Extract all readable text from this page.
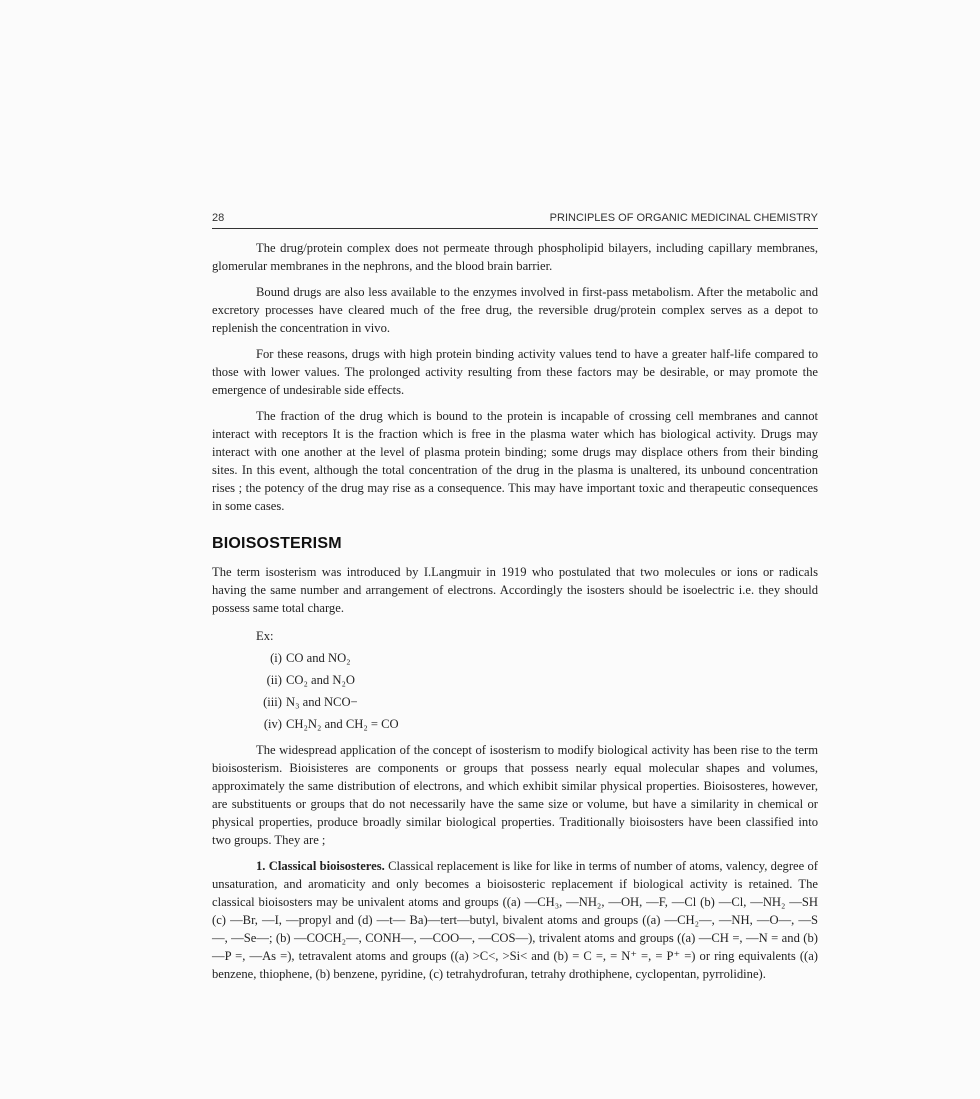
28	PRINCIPLES OF ORGANIC MEDICINAL CHEMISTRY

The drug/protein complex does not permeate through phospholipid bilayers, including capillary membranes, glomerular membranes in the nephrons, and the blood brain barrier.

Bound drugs are also less available to the enzymes involved in first-pass metabolism. After the metabolic and excretory processes have cleared much of the free drug, the reversible drug/protein complex serves as a depot to replenish the concentration in vivo.

For these reasons, drugs with high protein binding activity values tend to have a greater half-life compared to those with lower values. The prolonged activity resulting from these factors may be desirable, or may promote the emergence of undesirable side effects.

The fraction of the drug which is bound to the protein is incapable of crossing cell membranes and cannot interact with receptors It is the fraction which is free in the plasma water which has biological activity. Drugs may interact with one another at the level of plasma protein binding; some drugs may displace others from their binding sites. In this event, although the total concentration of the drug in the plasma is unaltered, its unbound concentration rises ; the potency of the drug may rise as a consequence. This may have important toxic and therapeutic consequences in some cases.

BIOISOSTERISM

The term isosterism was introduced by I.Langmuir in 1919 who postulated that two molecules or ions or radicals having the same number and arrangement of electrons. Accordingly the isosters should be isoelectric i.e. they should possess same total charge.

Ex:
(i) CO and NO₂
(ii) CO₂ and N₂O
(iii) N₃ and NCO−
(iv) CH₂N₂ and CH₂ = CO

The widespread application of the concept of isosterism to modify biological activity has been rise to the term bioisosterism. Bioisisteres are components or groups that possess nearly equal molecular shapes and volumes, approximately the same distribution of electrons, and which exhibit similar physical properties. Bioisosteres, however, are substituents or groups that do not necessarily have the same size or volume, but have a similarity in chemical or physical properties, produce broadly similar biological properties. Traditionally bioisosters have been classified into two groups. They are ;

1. Classical bioisosteres. Classical replacement is like for like in terms of number of atoms, valency, degree of unsaturation, and aromaticity and only becomes a bioisosteric replacement if biological activity is retained. The classical bioisosters may be univalent atoms and groups ((a) —CH₃, —NH₂, —OH, —F, —Cl (b) —Cl, —NH₂ —SH (c) —Br, —I, —propyl and (d) —t— Ba)—tert—butyl, bivalent atoms and groups ((a) —CH₂—, —NH, —O—, —S—, —Se—; (b) —COCH₂—, CONH—, —COO—, —COS—), trivalent atoms and groups ((a) —CH =, —N = and (b) —P =, —As =), tetravalent atoms and groups ((a) >C<, >Si< and (b) = C =, = N⁺ =, = P⁺ =) or ring equivalents ((a) benzene, thiophene, (b) benzene, pyridine, (c) tetrahydrofuran, tetrahy drothiphene, cyclopentan, pyrrolidine).
